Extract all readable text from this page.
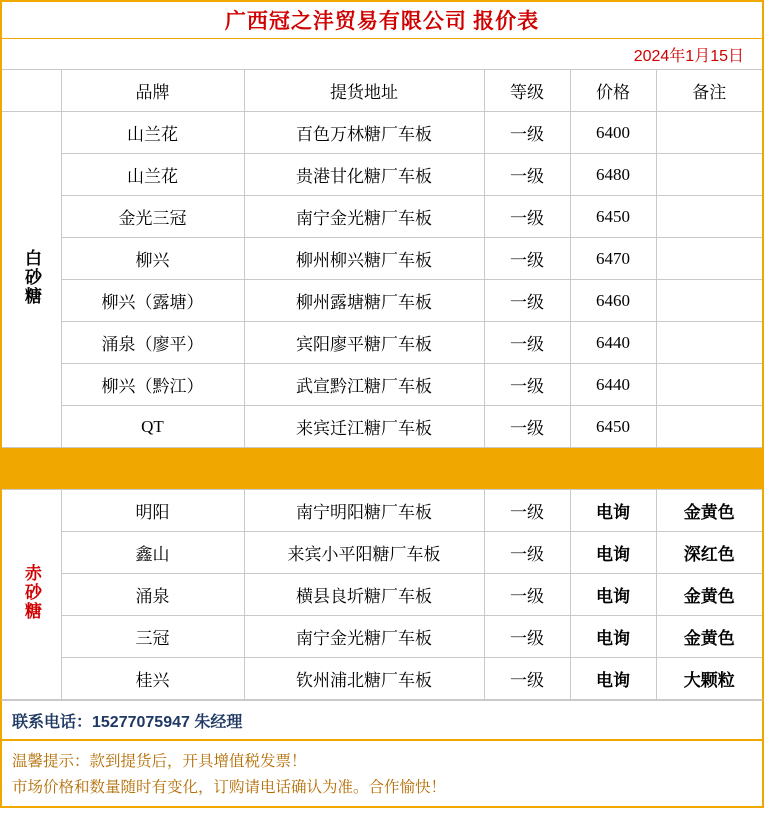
广西冠之沣贸易有限公司 报价表
2024年1月15日
	品牌	提货地址	等级	价格	备注
白砂糖	山兰花	百色万林糖厂车板	一级	6400	
	山兰花	贵港甘化糖厂车板	一级	6480	
	金光三冠	南宁金光糖厂车板	一级	6450	
	柳兴	柳州柳兴糖厂车板	一级	6470	
	柳兴（露塘）	柳州露塘糖厂车板	一级	6460	
	涌泉（廖平）	宾阳廖平糖厂车板	一级	6440	
	柳兴（黔江）	武宣黔江糖厂车板	一级	6440	
	QT	来宾迁江糖厂车板	一级	6450	

赤砂糖	明阳	南宁明阳糖厂车板	一级	电询	金黄色
	鑫山	来宾小平阳糖厂车板	一级	电询	深红色
	涌泉	横县良圻糖厂车板	一级	电询	金黄色
	三冠	南宁金光糖厂车板	一级	电询	金黄色
	桂兴	钦州浦北糖厂车板	一级	电询	大颗粒
联系电话：15277075947 朱经理
温馨提示：款到提货后，开具增值税发票！
市场价格和数量随时有变化，订购请电话确认为准。合作愉快！
